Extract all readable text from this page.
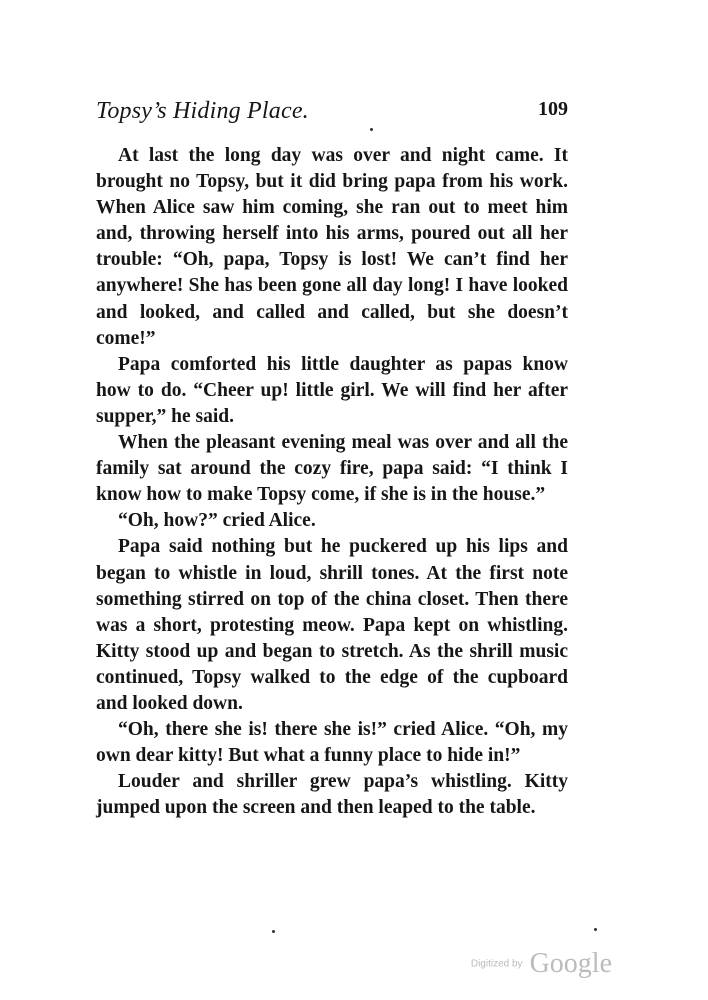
Topsy’s Hiding Place.	109

At last the long day was over and night came. It brought no Topsy, but it did bring papa from his work. When Alice saw him coming, she ran out to meet him and, throwing herself into his arms, poured out all her trouble: “Oh, papa, Topsy is lost! We can’t find her anywhere! She has been gone all day long! I have looked and looked, and called and called, but she doesn’t come!”

Papa comforted his little daughter as papas know how to do. “Cheer up! little girl. We will find her after supper,” he said.

When the pleasant evening meal was over and all the family sat around the cozy fire, papa said: “I think I know how to make Topsy come, if she is in the house.”

“Oh, how?” cried Alice.

Papa said nothing but he puckered up his lips and began to whistle in loud, shrill tones. At the first note something stirred on top of the china closet. Then there was a short, protesting meow. Papa kept on whistling. Kitty stood up and began to stretch. As the shrill music continued, Topsy walked to the edge of the cupboard and looked down.

“Oh, there she is! there she is!” cried Alice. “Oh, my own dear kitty! But what a funny place to hide in!”

Louder and shriller grew papa’s whistling. Kitty jumped upon the screen and then leaped to the table.

Digitized by Google
